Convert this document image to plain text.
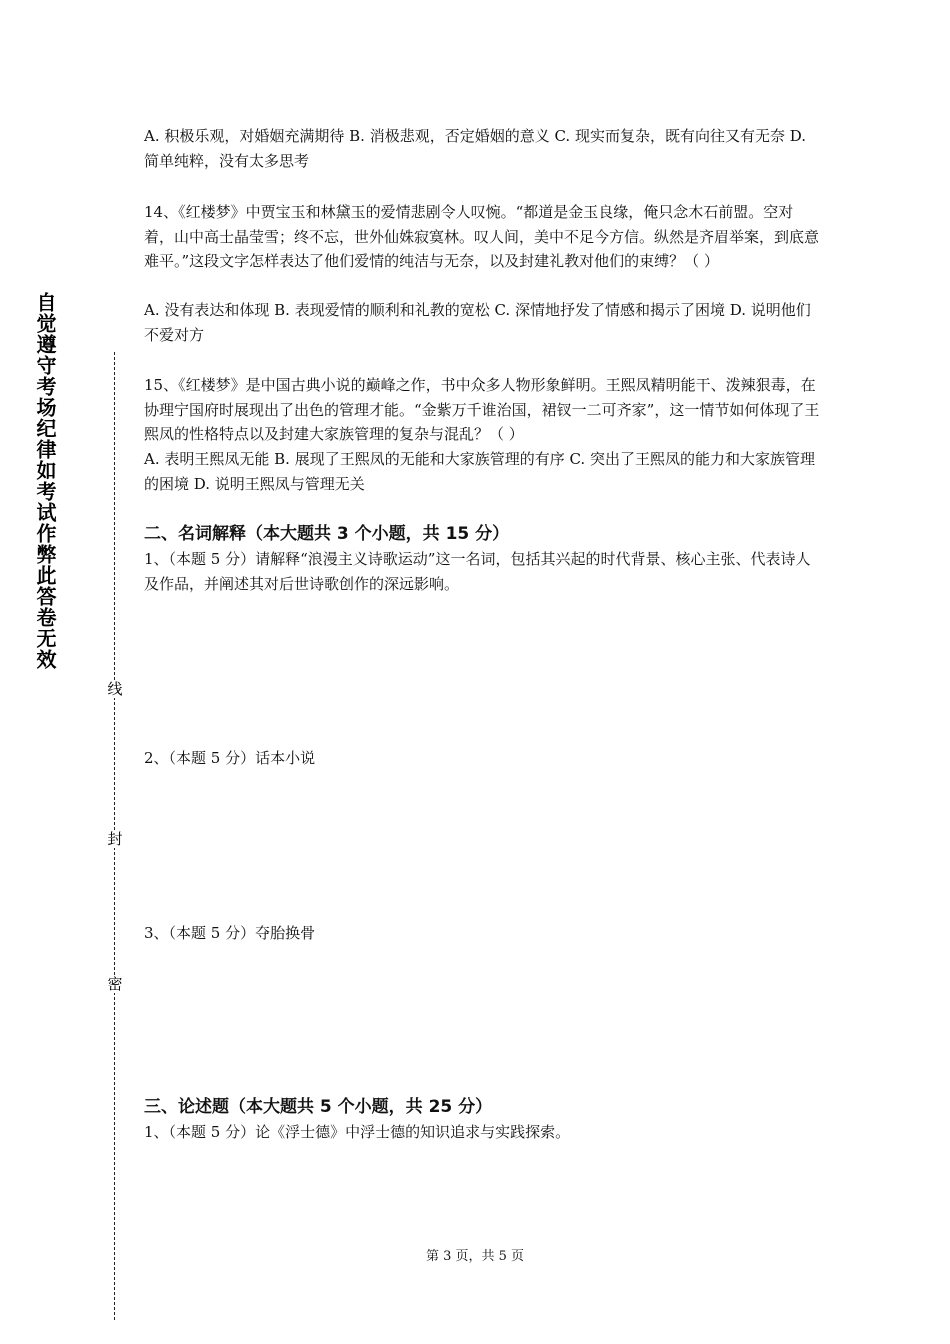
自觉遵守考场纪律如考试作弊此答卷无效
线
封
密

A. 积极乐观，对婚姻充满期待 B. 消极悲观，否定婚姻的意义 C. 现实而复杂，既有向往又有无奈 D. 简单纯粹，没有太多思考

14、《红楼梦》中贾宝玉和林黛玉的爱情悲剧令人叹惋。“都道是金玉良缘，俺只念木石前盟。空对着，山中高士晶莹雪；终不忘，世外仙姝寂寞林。叹人间，美中不足今方信。纵然是齐眉举案，到底意难平。”这段文字怎样表达了他们爱情的纯洁与无奈，以及封建礼教对他们的束缚？（ ）

A. 没有表达和体现 B. 表现爱情的顺利和礼教的宽松 C. 深情地抒发了情感和揭示了困境 D. 说明他们不爱对方

15、《红楼梦》是中国古典小说的巅峰之作，书中众多人物形象鲜明。王熙凤精明能干、泼辣狠毒，在协理宁国府时展现出了出色的管理才能。“金紫万千谁治国，裙钗一二可齐家”，这一情节如何体现了王熙凤的性格特点以及封建大家族管理的复杂与混乱？（ ）

A. 表明王熙凤无能 B. 展现了王熙凤的无能和大家族管理的有序 C. 突出了王熙凤的能力和大家族管理的困境 D. 说明王熙凤与管理无关

二、名词解释（本大题共 3 个小题，共 15 分）

1、（本题 5 分）请解释“浪漫主义诗歌运动”这一名词，包括其兴起的时代背景、核心主张、代表诗人及作品，并阐述其对后世诗歌创作的深远影响。

2、（本题 5 分）话本小说

3、（本题 5 分）夺胎换骨

三、论述题（本大题共 5 个小题，共 25 分）

1、（本题 5 分）论《浮士德》中浮士德的知识追求与实践探索。

第 3 页，共 5 页
